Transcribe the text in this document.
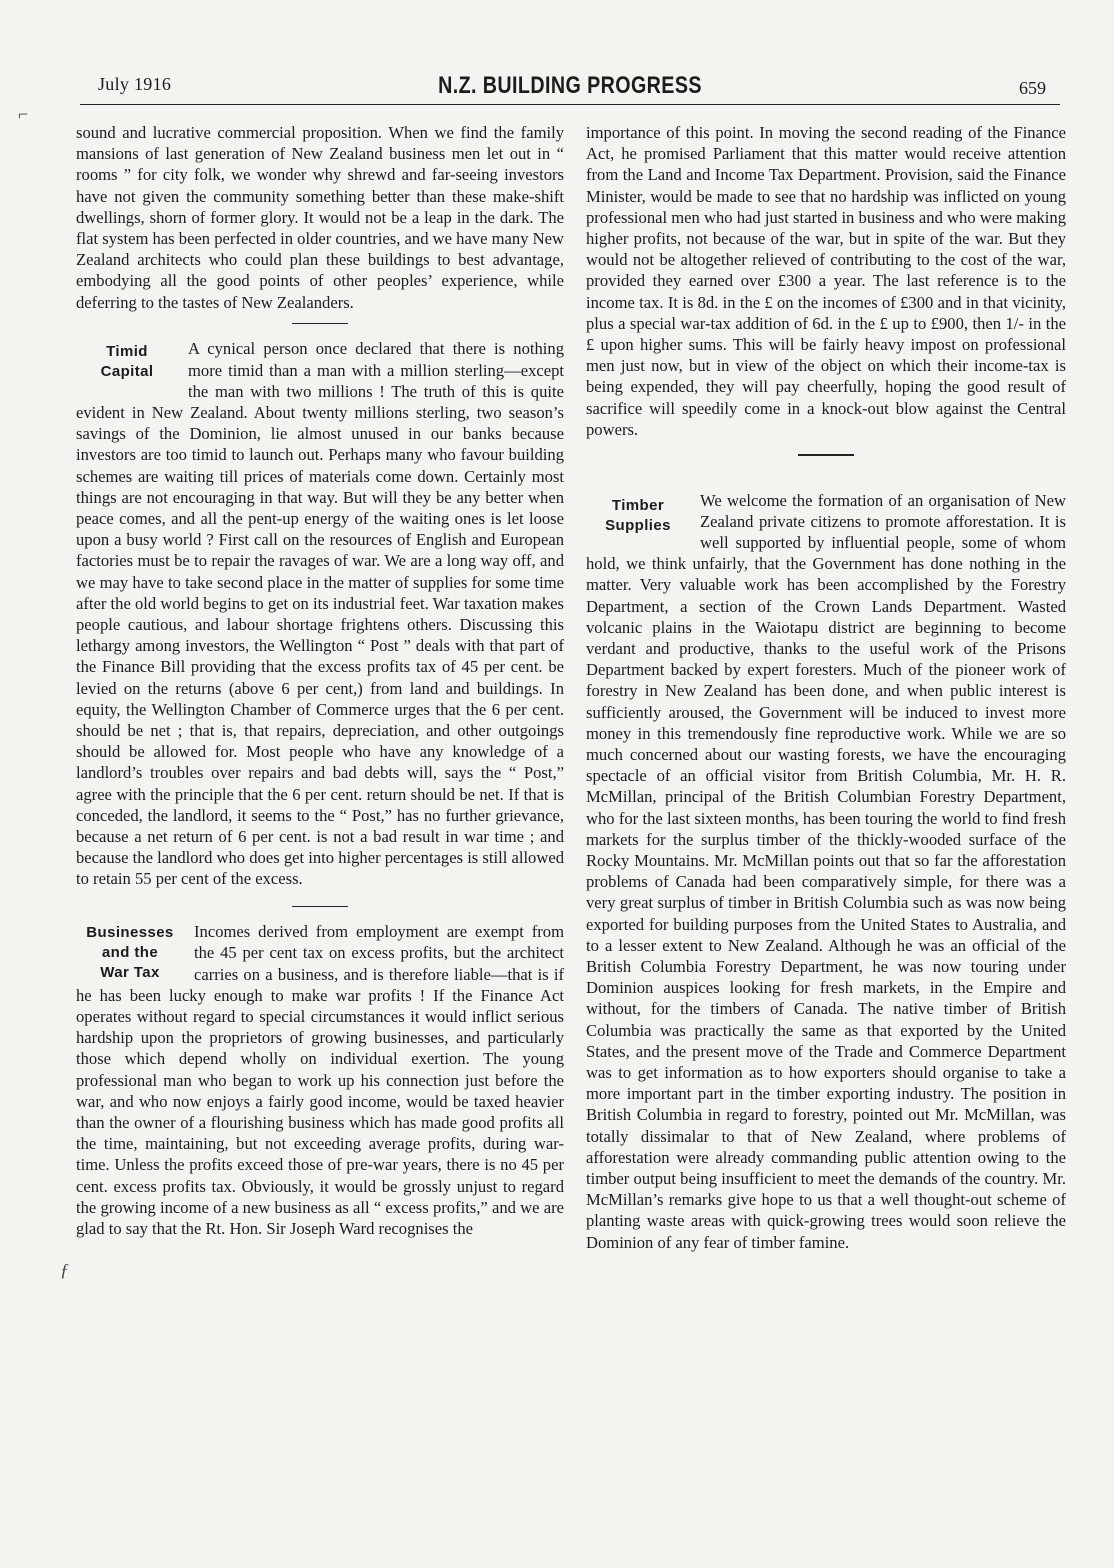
July 1916	N.Z. BUILDING PROGRESS	659
⌐
ƒ

sound and lucrative commercial proposition. When we find the family mansions of last generation of New Zealand business men let out in “ rooms ” for city folk, we wonder why shrewd and far-seeing investors have not given the community something better than these make-shift dwellings, shorn of former glory. It would not be a leap in the dark. The flat system has been perfected in older countries, and we have many New Zealand architects who could plan these buildings to best advantage, embodying all the good points of other peoples’ experience, while deferring to the tastes of New Zealanders.

Timid
Capital

A cynical person once declared that there is nothing more timid than a man with a million sterling—except the man with two millions ! The truth of this is quite evident in New Zealand. About twenty millions sterling, two season’s savings of the Dominion, lie almost unused in our banks because investors are too timid to launch out. Perhaps many who favour building schemes are waiting till prices of materials come down. Certainly most things are not encouraging in that way. But will they be any better when peace comes, and all the pent-up energy of the waiting ones is let loose upon a busy world ? First call on the resources of English and European factories must be to repair the ravages of war. We are a long way off, and we may have to take second place in the matter of supplies for some time after the old world begins to get on its industrial feet. War taxation makes people cautious, and labour shortage frightens others. Discussing this lethargy among investors, the Wellington “ Post ” deals with that part of the Finance Bill providing that the excess profits tax of 45 per cent. be levied on the returns (above 6 per cent,) from land and buildings. In equity, the Wellington Chamber of Commerce urges that the 6 per cent. should be net ; that is, that repairs, depreciation, and other outgoings should be allowed for. Most people who have any knowledge of a landlord’s troubles over repairs and bad debts will, says the “ Post,” agree with the principle that the 6 per cent. return should be net. If that is conceded, the landlord, it seems to the “ Post,” has no further grievance, because a net return of 6 per cent. is not a bad result in war time ; and because the landlord who does get into higher percentages is still allowed to retain 55 per cent of the excess.

Businesses
and the
War Tax

Incomes derived from employment are exempt from the 45 per cent tax on excess profits, but the architect carries on a business, and is therefore liable—that is if he has been lucky enough to make war profits ! If the Finance Act operates without regard to special circumstances it would inflict serious hardship upon the proprietors of growing businesses, and particularly those which depend wholly on individual exertion. The young professional man who began to work up his connection just before the war, and who now enjoys a fairly good income, would be taxed heavier than the owner of a flourishing business which has made good profits all the time, maintaining, but not exceeding average profits, during war-time. Unless the profits exceed those of pre-war years, there is no 45 per cent. excess profits tax. Obviously, it would be grossly unjust to regard the growing income of a new business as all “ excess profits,” and we are glad to say that the Rt. Hon. Sir Joseph Ward recognises the

importance of this point. In moving the second reading of the Finance Act, he promised Parliament that this matter would receive attention from the Land and Income Tax Department. Provision, said the Finance Minister, would be made to see that no hardship was inflicted on young professional men who had just started in business and who were making higher profits, not because of the war, but in spite of the war. But they would not be altogether relieved of contributing to the cost of the war, provided they earned over £300 a year. The last reference is to the income tax. It is 8d. in the £ on the incomes of £300 and in that vicinity, plus a special war-tax addition of 6d. in the £ up to £900, then 1/- in the £ upon higher sums. This will be fairly heavy impost on professional men just now, but in view of the object on which their income-tax is being expended, they will pay cheerfully, hoping the good result of sacrifice will speedily come in a knock-out blow against the Central powers.

Timber
Supplies

We welcome the formation of an organisation of New Zealand private citizens to promote afforestation. It is well supported by influential people, some of whom hold, we think unfairly, that the Government has done nothing in the matter. Very valuable work has been accomplished by the Forestry Department, a section of the Crown Lands Department. Wasted volcanic plains in the Waiotapu district are beginning to become verdant and productive, thanks to the useful work of the Prisons Department backed by expert foresters. Much of the pioneer work of forestry in New Zealand has been done, and when public interest is sufficiently aroused, the Government will be induced to invest more money in this tremendously fine reproductive work. While we are so much concerned about our wasting forests, we have the encouraging spectacle of an official visitor from British Columbia, Mr. H. R. McMillan, principal of the British Columbian Forestry Department, who for the last sixteen months, has been touring the world to find fresh markets for the surplus timber of the thickly-wooded surface of the Rocky Mountains. Mr. McMillan points out that so far the afforestation problems of Canada had been comparatively simple, for there was a very great surplus of timber in British Columbia such as was now being exported for building purposes from the United States to Australia, and to a lesser extent to New Zealand. Although he was an official of the British Columbia Forestry Department, he was now touring under Dominion auspices looking for fresh markets, in the Empire and without, for the timbers of Canada. The native timber of British Columbia was practically the same as that exported by the United States, and the present move of the Trade and Commerce Department was to get information as to how exporters should organise to take a more important part in the timber exporting industry. The position in British Columbia in regard to forestry, pointed out Mr. McMillan, was totally dissimalar to that of New Zealand, where problems of afforestation were already commanding public attention owing to the timber output being insufficient to meet the demands of the country. Mr. McMillan’s remarks give hope to us that a well thought-out scheme of planting waste areas with quick-growing trees would soon relieve the Dominion of any fear of timber famine.
